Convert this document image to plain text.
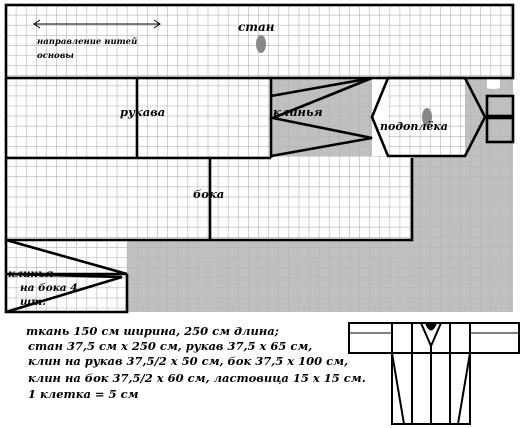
стан
направление нитей
основы
рукава	клинья
подоплёка
бока
клинья
на бока 4
шт.
ткань 150 см ширина, 250 см длина;
стан 37,5 см х 250 см, рукав 37,5 х 65 см,
клин на рукав 37,5/2 х 50 см, бок 37,5 х 100 см,
клин на бок 37,5/2 х 60 см, ластовица 15 х 15 см.
1 клетка = 5 см
